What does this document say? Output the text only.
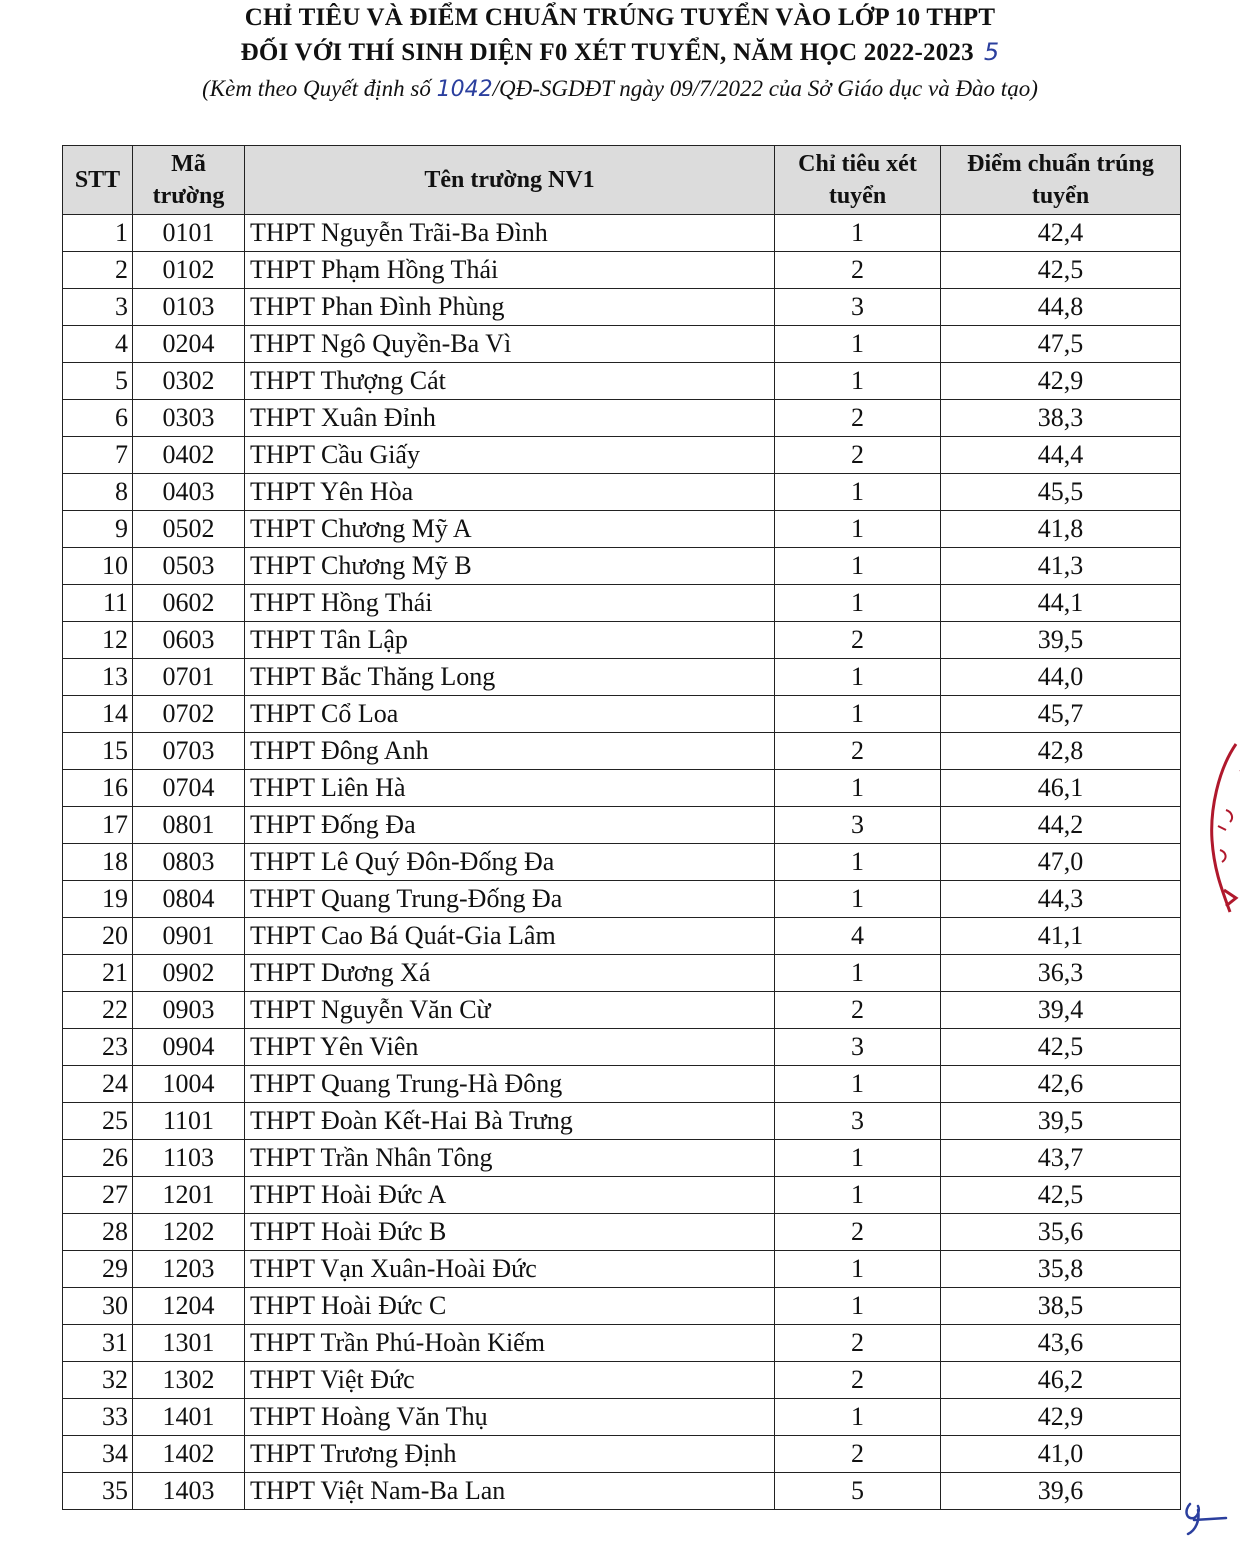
CHỈ TIÊU VÀ ĐIỂM CHUẨN TRÚNG TUYỂN VÀO LỚP 10 THPT
ĐỐI VỚI THÍ SINH DIỆN F0 XÉT TUYỂN, NĂM HỌC 2022-2023 5
(Kèm theo Quyết định số 1042/QĐ-SGDĐT ngày 09/7/2022 của Sở Giáo dục và Đào tạo)
STT	Mã trường	Tên trường NV1	Chỉ tiêu xét tuyển	Điểm chuẩn trúng tuyển
1	0101	THPT Nguyễn Trãi-Ba Đình	1	42,4
2	0102	THPT Phạm Hồng Thái	2	42,5
3	0103	THPT Phan Đình Phùng	3	44,8
4	0204	THPT Ngô Quyền-Ba Vì	1	47,5
5	0302	THPT Thượng Cát	1	42,9
6	0303	THPT Xuân Đỉnh	2	38,3
7	0402	THPT Cầu Giấy	2	44,4
8	0403	THPT Yên Hòa	1	45,5
9	0502	THPT Chương Mỹ A	1	41,8
10	0503	THPT Chương Mỹ B	1	41,3
11	0602	THPT Hồng Thái	1	44,1
12	0603	THPT Tân Lập	2	39,5
13	0701	THPT Bắc Thăng Long	1	44,0
14	0702	THPT Cổ Loa	1	45,7
15	0703	THPT Đông Anh	2	42,8
16	0704	THPT Liên Hà	1	46,1
17	0801	THPT Đống Đa	3	44,2
18	0803	THPT Lê Quý Đôn-Đống Đa	1	47,0
19	0804	THPT Quang Trung-Đống Đa	1	44,3
20	0901	THPT Cao Bá Quát-Gia Lâm	4	41,1
21	0902	THPT Dương Xá	1	36,3
22	0903	THPT Nguyễn Văn Cừ	2	39,4
23	0904	THPT Yên Viên	3	42,5
24	1004	THPT Quang Trung-Hà Đông	1	42,6
25	1101	THPT Đoàn Kết-Hai Bà Trưng	3	39,5
26	1103	THPT Trần Nhân Tông	1	43,7
27	1201	THPT Hoài Đức A	1	42,5
28	1202	THPT Hoài Đức B	2	35,6
29	1203	THPT Vạn Xuân-Hoài Đức	1	35,8
30	1204	THPT Hoài Đức C	1	38,5
31	1301	THPT Trần Phú-Hoàn Kiếm	2	43,6
32	1302	THPT Việt Đức	2	46,2
33	1401	THPT Hoàng Văn Thụ	1	42,9
34	1402	THPT Trương Định	2	41,0
35	1403	THPT Việt Nam-Ba Lan	5	39,6
